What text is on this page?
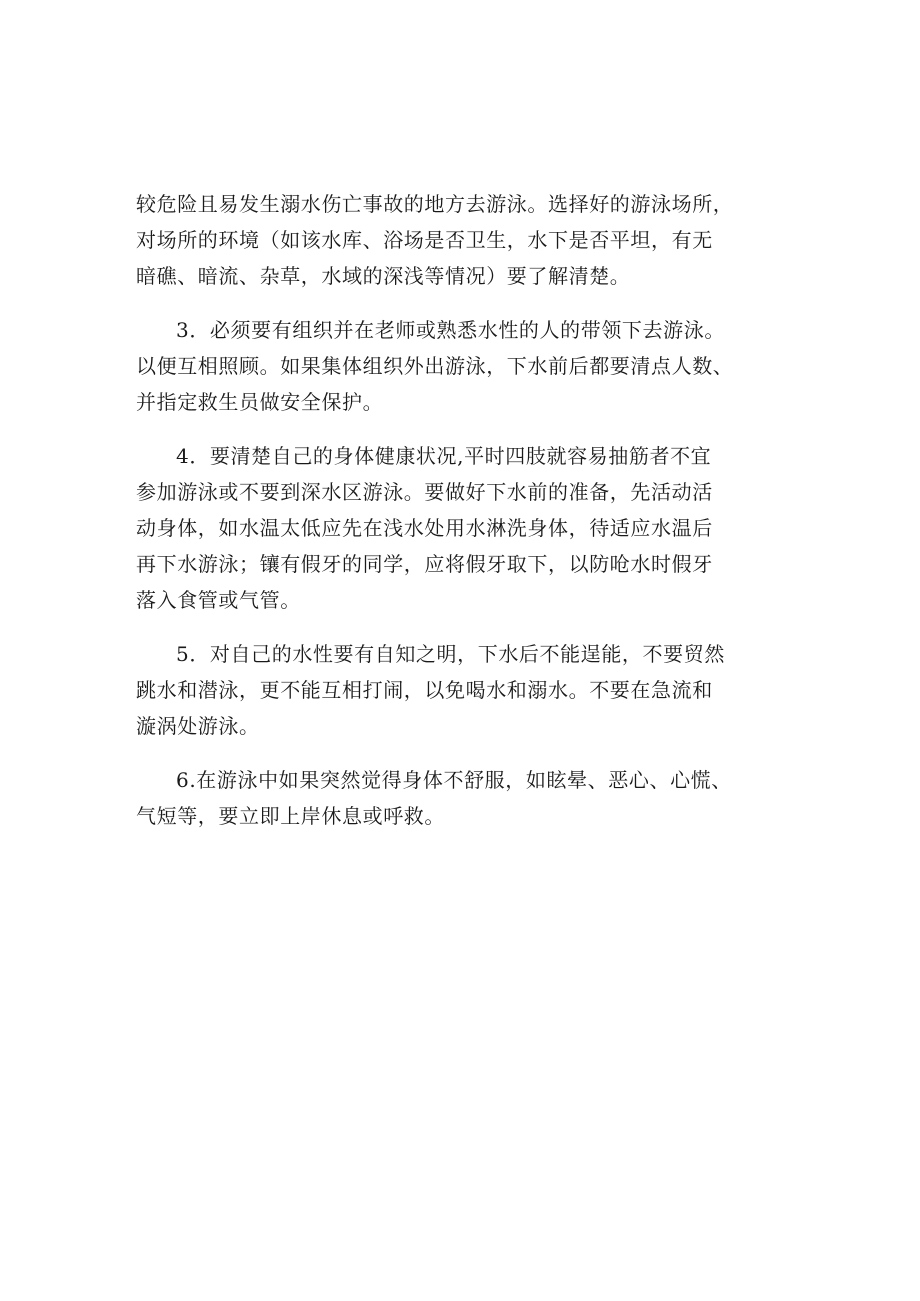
较危险且易发生溺水伤亡事故的地方去游泳。选择好的游泳场所，
对场所的环境（如该水库、浴场是否卫生，水下是否平坦，有无
暗礁、暗流、杂草，水域的深浅等情况）要了解清楚。
3．必须要有组织并在老师或熟悉水性的人的带领下去游泳。
以便互相照顾。如果集体组织外出游泳，下水前后都要清点人数、
并指定救生员做安全保护。
4．要清楚自己的身体健康状况,平时四肢就容易抽筋者不宜
参加游泳或不要到深水区游泳。要做好下水前的准备，先活动活
动身体，如水温太低应先在浅水处用水淋洗身体，待适应水温后
再下水游泳；镶有假牙的同学，应将假牙取下，以防呛水时假牙
落入食管或气管。
5．对自己的水性要有自知之明，下水后不能逞能，不要贸然
跳水和潜泳，更不能互相打闹，以免喝水和溺水。不要在急流和
漩涡处游泳。
6.在游泳中如果突然觉得身体不舒服，如眩晕、恶心、心慌、
气短等，要立即上岸休息或呼救。
